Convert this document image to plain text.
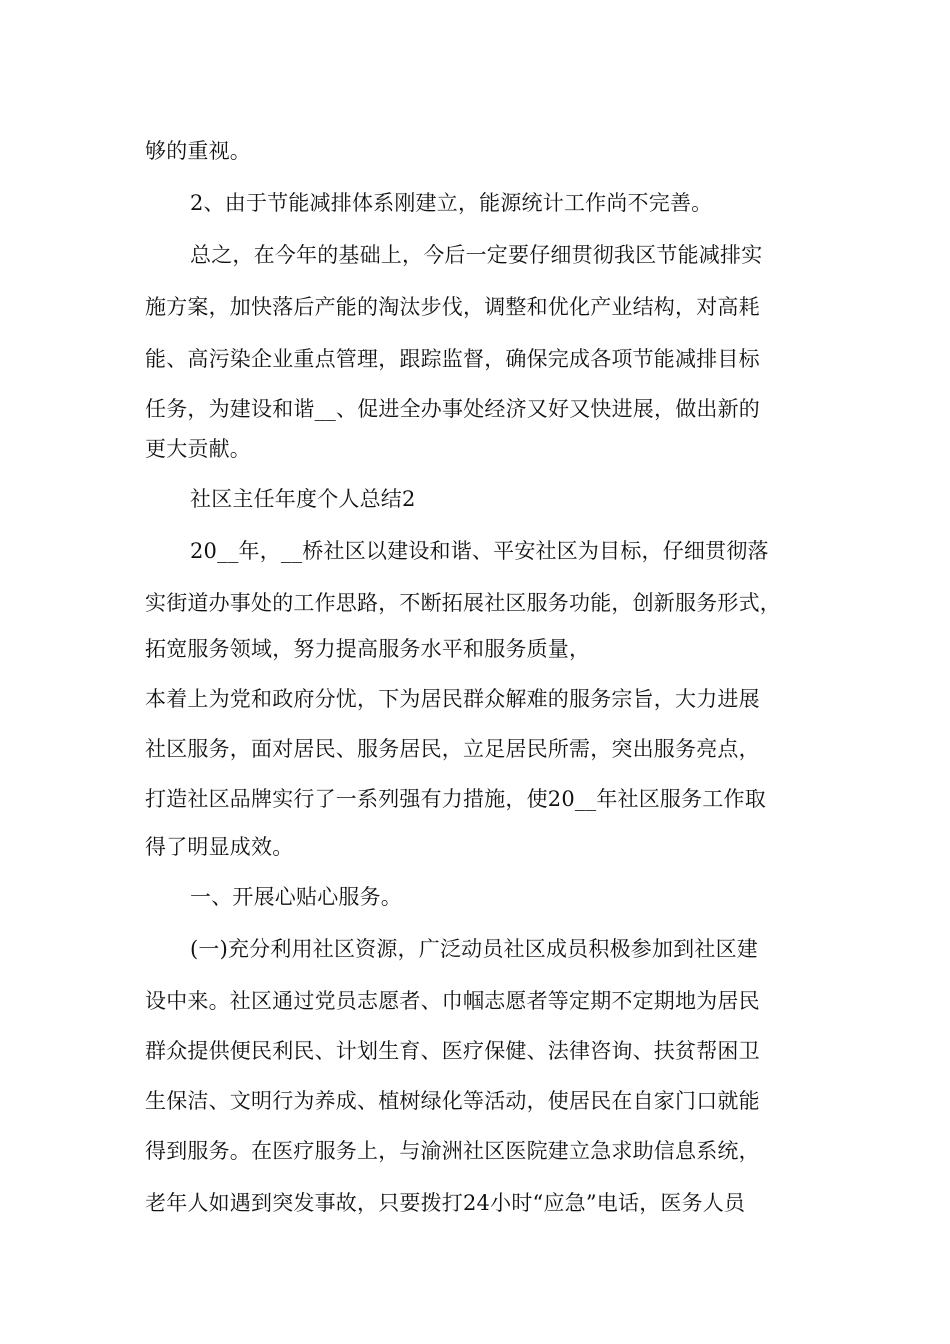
够的重视。
2、由于节能减排体系刚建立，能源统计工作尚不完善。
总之，在今年的基础上，今后一定要仔细贯彻我区节能减排实
施方案，加快落后产能的淘汰步伐，调整和优化产业结构，对高耗
能、高污染企业重点管理，跟踪监督，确保完成各项节能减排目标
任务，为建设和谐__、促进全办事处经济又好又快进展，做出新的
更大贡献。
社区主任年度个人总结2
20__年，__桥社区以建设和谐、平安社区为目标，仔细贯彻落
实街道办事处的工作思路，不断拓展社区服务功能，创新服务形式，
拓宽服务领域，努力提高服务水平和服务质量，
本着上为党和政府分忧，下为居民群众解难的服务宗旨，大力进展
社区服务，面对居民、服务居民，立足居民所需，突出服务亮点，
打造社区品牌实行了一系列强有力措施，使20__年社区服务工作取
得了明显成效。
一、开展心贴心服务。
(一)充分利用社区资源，广泛动员社区成员积极参加到社区建
设中来。社区通过党员志愿者、巾帼志愿者等定期不定期地为居民
群众提供便民利民、计划生育、医疗保健、法律咨询、扶贫帮困卫
生保洁、文明行为养成、植树绿化等活动，使居民在自家门口就能
得到服务。在医疗服务上，与渝洲社区医院建立急求助信息系统，
老年人如遇到突发事故，只要拨打24小时“应急”电话，医务人员
